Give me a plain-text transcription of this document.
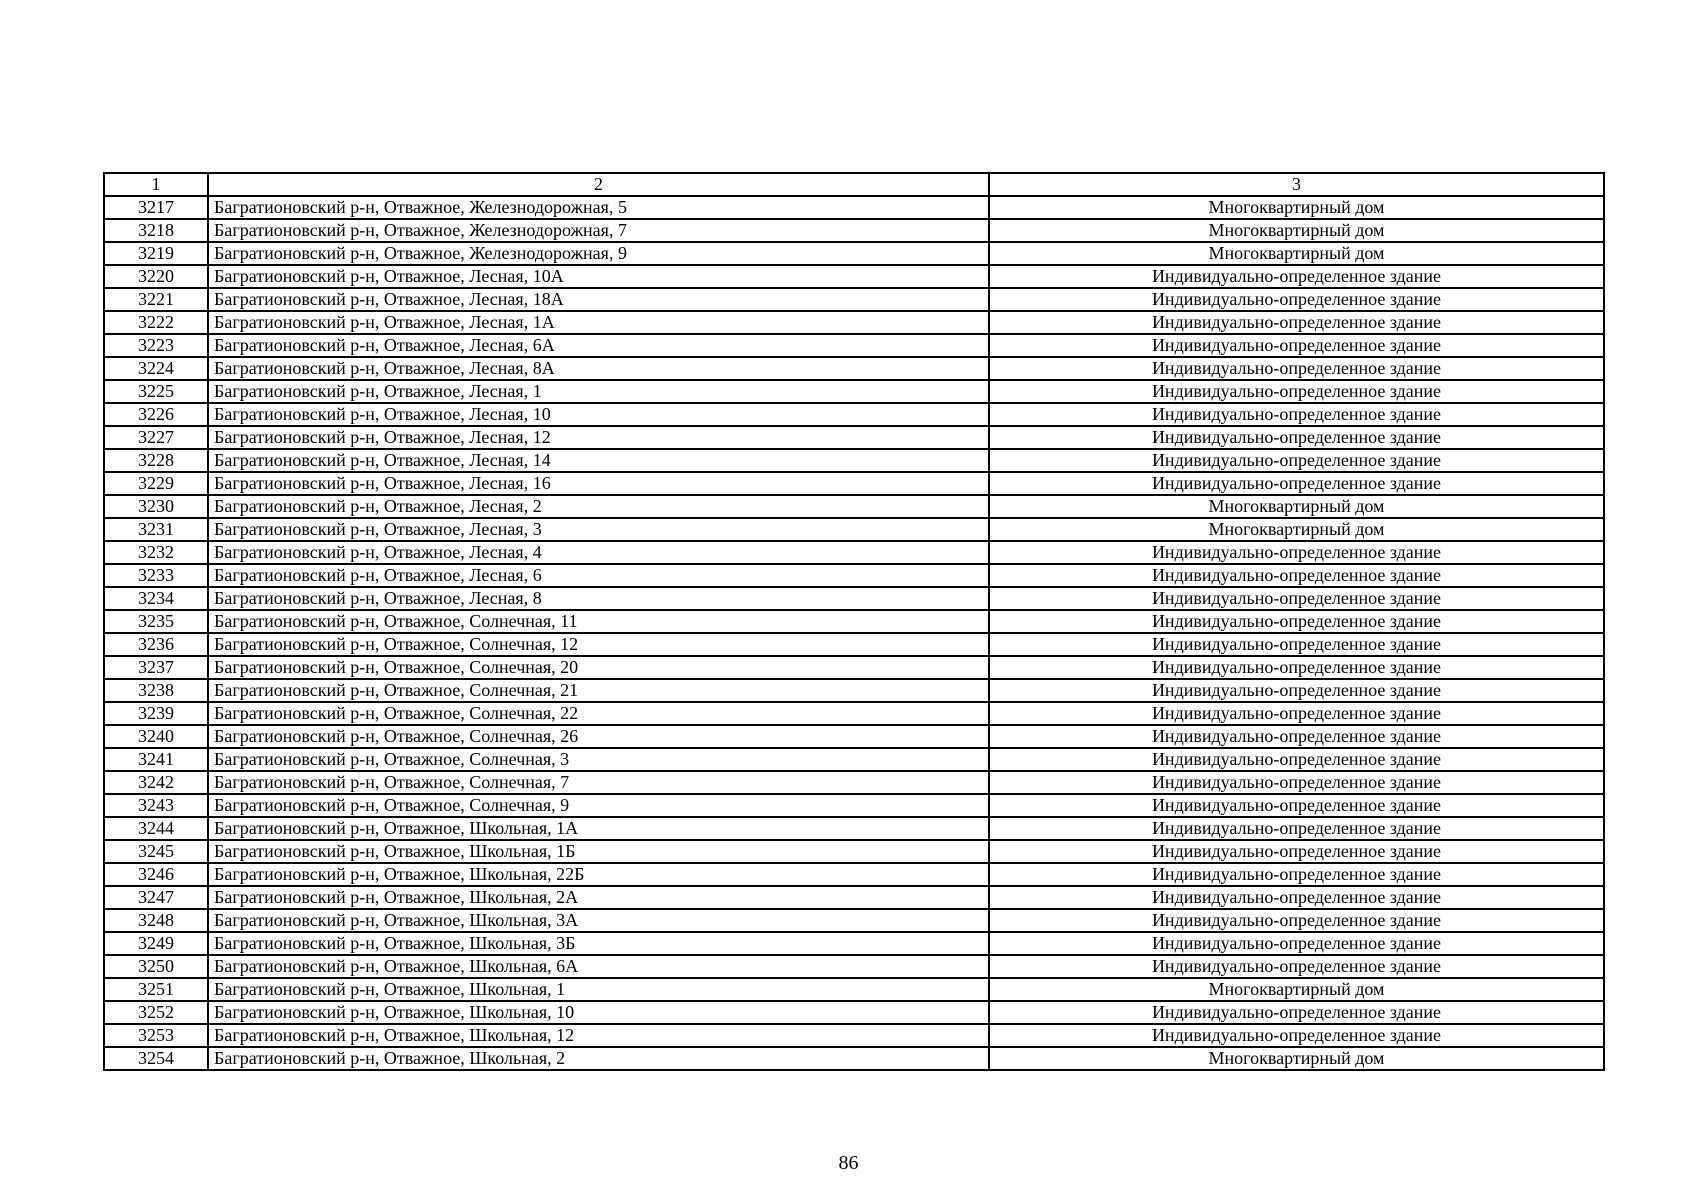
1	2	3
3217	Багратионовский р-н, Отважное, Железнодорожная, 5	Многоквартирный дом
3218	Багратионовский р-н, Отважное, Железнодорожная, 7	Многоквартирный дом
3219	Багратионовский р-н, Отважное, Железнодорожная, 9	Многоквартирный дом
3220	Багратионовский р-н, Отважное, Лесная, 10А	Индивидуально-определенное здание
3221	Багратионовский р-н, Отважное, Лесная, 18А	Индивидуально-определенное здание
3222	Багратионовский р-н, Отважное, Лесная, 1А	Индивидуально-определенное здание
3223	Багратионовский р-н, Отважное, Лесная, 6А	Индивидуально-определенное здание
3224	Багратионовский р-н, Отважное, Лесная, 8А	Индивидуально-определенное здание
3225	Багратионовский р-н, Отважное, Лесная, 1	Индивидуально-определенное здание
3226	Багратионовский р-н, Отважное, Лесная, 10	Индивидуально-определенное здание
3227	Багратионовский р-н, Отважное, Лесная, 12	Индивидуально-определенное здание
3228	Багратионовский р-н, Отважное, Лесная, 14	Индивидуально-определенное здание
3229	Багратионовский р-н, Отважное, Лесная, 16	Индивидуально-определенное здание
3230	Багратионовский р-н, Отважное, Лесная, 2	Многоквартирный дом
3231	Багратионовский р-н, Отважное, Лесная, 3	Многоквартирный дом
3232	Багратионовский р-н, Отважное, Лесная, 4	Индивидуально-определенное здание
3233	Багратионовский р-н, Отважное, Лесная, 6	Индивидуально-определенное здание
3234	Багратионовский р-н, Отважное, Лесная, 8	Индивидуально-определенное здание
3235	Багратионовский р-н, Отважное, Солнечная, 11	Индивидуально-определенное здание
3236	Багратионовский р-н, Отважное, Солнечная, 12	Индивидуально-определенное здание
3237	Багратионовский р-н, Отважное, Солнечная, 20	Индивидуально-определенное здание
3238	Багратионовский р-н, Отважное, Солнечная, 21	Индивидуально-определенное здание
3239	Багратионовский р-н, Отважное, Солнечная, 22	Индивидуально-определенное здание
3240	Багратионовский р-н, Отважное, Солнечная, 26	Индивидуально-определенное здание
3241	Багратионовский р-н, Отважное, Солнечная, 3	Индивидуально-определенное здание
3242	Багратионовский р-н, Отважное, Солнечная, 7	Индивидуально-определенное здание
3243	Багратионовский р-н, Отважное, Солнечная, 9	Индивидуально-определенное здание
3244	Багратионовский р-н, Отважное, Школьная, 1А	Индивидуально-определенное здание
3245	Багратионовский р-н, Отважное, Школьная, 1Б	Индивидуально-определенное здание
3246	Багратионовский р-н, Отважное, Школьная, 22Б	Индивидуально-определенное здание
3247	Багратионовский р-н, Отважное, Школьная, 2А	Индивидуально-определенное здание
3248	Багратионовский р-н, Отважное, Школьная, 3А	Индивидуально-определенное здание
3249	Багратионовский р-н, Отважное, Школьная, 3Б	Индивидуально-определенное здание
3250	Багратионовский р-н, Отважное, Школьная, 6А	Индивидуально-определенное здание
3251	Багратионовский р-н, Отважное, Школьная, 1	Многоквартирный дом
3252	Багратионовский р-н, Отважное, Школьная, 10	Индивидуально-определенное здание
3253	Багратионовский р-н, Отважное, Школьная, 12	Индивидуально-определенное здание
3254	Багратионовский р-н, Отважное, Школьная, 2	Многоквартирный дом
86
